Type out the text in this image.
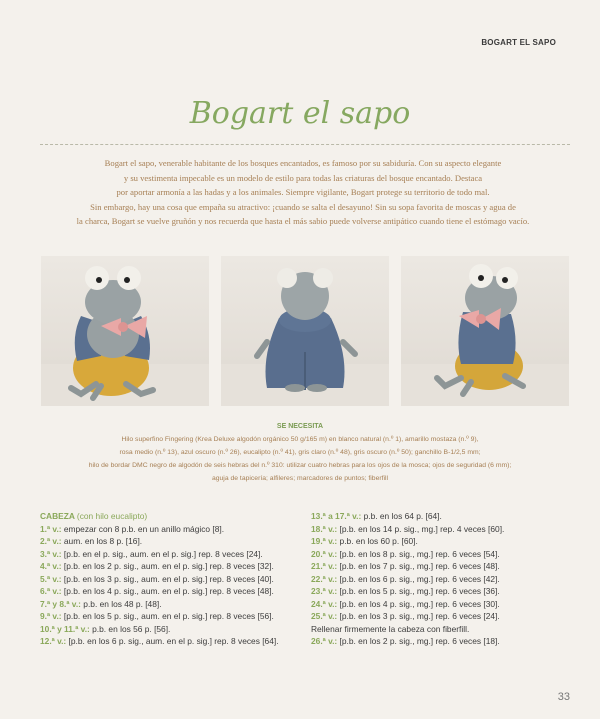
BOGART EL SAPO
Bogart el sapo
Bogart el sapo, venerable habitante de los bosques encantados, es famoso por su sabiduría. Con su aspecto elegante
y su vestimenta impecable es un modelo de estilo para todas las criaturas del bosque encantado. Destaca
por aportar armonía a las hadas y a los animales. Siempre vigilante, Bogart protege su territorio de todo mal.
Sin embargo, hay una cosa que empaña su atractivo: ¡cuando se salta el desayuno! Sin su sopa favorita de moscas y agua de
la charca, Bogart se vuelve gruñón y nos recuerda que hasta el más sabio puede volverse antipático cuando tiene el estómago vacío.
SE NECESITA
Hilo superfino Fingering (Krea Deluxe algodón orgánico 50 g/165 m) en blanco natural (n.º 1), amarillo mostaza (n.º 9),
rosa medio (n.º 13), azul oscuro (n.º 26), eucalipto (n.º 41), gris claro (n.º 48), gris oscuro (n.º 50); ganchillo B-1/2,5 mm;
hilo de bordar DMC negro de algodón de seis hebras del n.º 310: utilizar cuatro hebras para los ojos de la mosca; ojos de seguridad (6 mm);
aguja de tapicería; alfileres; marcadores de puntos; fiberfill
CABEZA (con hilo eucalipto)
1.ª v.: empezar con 8 p.b. en un anillo mágico [8].
2.ª v.: aum. en los 8 p. [16].
3.ª v.: [p.b. en el p. sig., aum. en el p. sig.] rep. 8 veces [24].
4.ª v.: [p.b. en los 2 p. sig., aum. en el p. sig.] rep. 8 veces [32].
5.ª v.: [p.b. en los 3 p. sig., aum. en el p. sig.] rep. 8 veces [40].
6.ª v.: [p.b. en los 4 p. sig., aum. en el p. sig.] rep. 8 veces [48].
7.ª y 8.ª v.: p.b. en los 48 p. [48].
9.ª v.: [p.b. en los 5 p. sig., aum. en el p. sig.] rep. 8 veces [56].
10.ª y 11.ª v.: p.b. en los 56 p. [56].
12.ª v.: [p.b. en los 6 p. sig., aum. en el p. sig.] rep. 8 veces [64].
13.ª a 17.ª v.: p.b. en los 64 p. [64].
18.ª v.: [p.b. en los 14 p. sig., mg.] rep. 4 veces [60].
19.ª v.: p.b. en los 60 p. [60].
20.ª v.: [p.b. en los 8 p. sig., mg.] rep. 6 veces [54].
21.ª v.: [p.b. en los 7 p. sig., mg.] rep. 6 veces [48].
22.ª v.: [p.b. en los 6 p. sig., mg.] rep. 6 veces [42].
23.ª v.: [p.b. en los 5 p. sig., mg.] rep. 6 veces [36].
24.ª v.: [p.b. en los 4 p. sig., mg.] rep. 6 veces [30].
25.ª v.: [p.b. en los 3 p. sig., mg.] rep. 6 veces [24].
Rellenar firmemente la cabeza con fiberfill.
26.ª v.: [p.b. en los 2 p. sig., mg.] rep. 6 veces [18].
33
